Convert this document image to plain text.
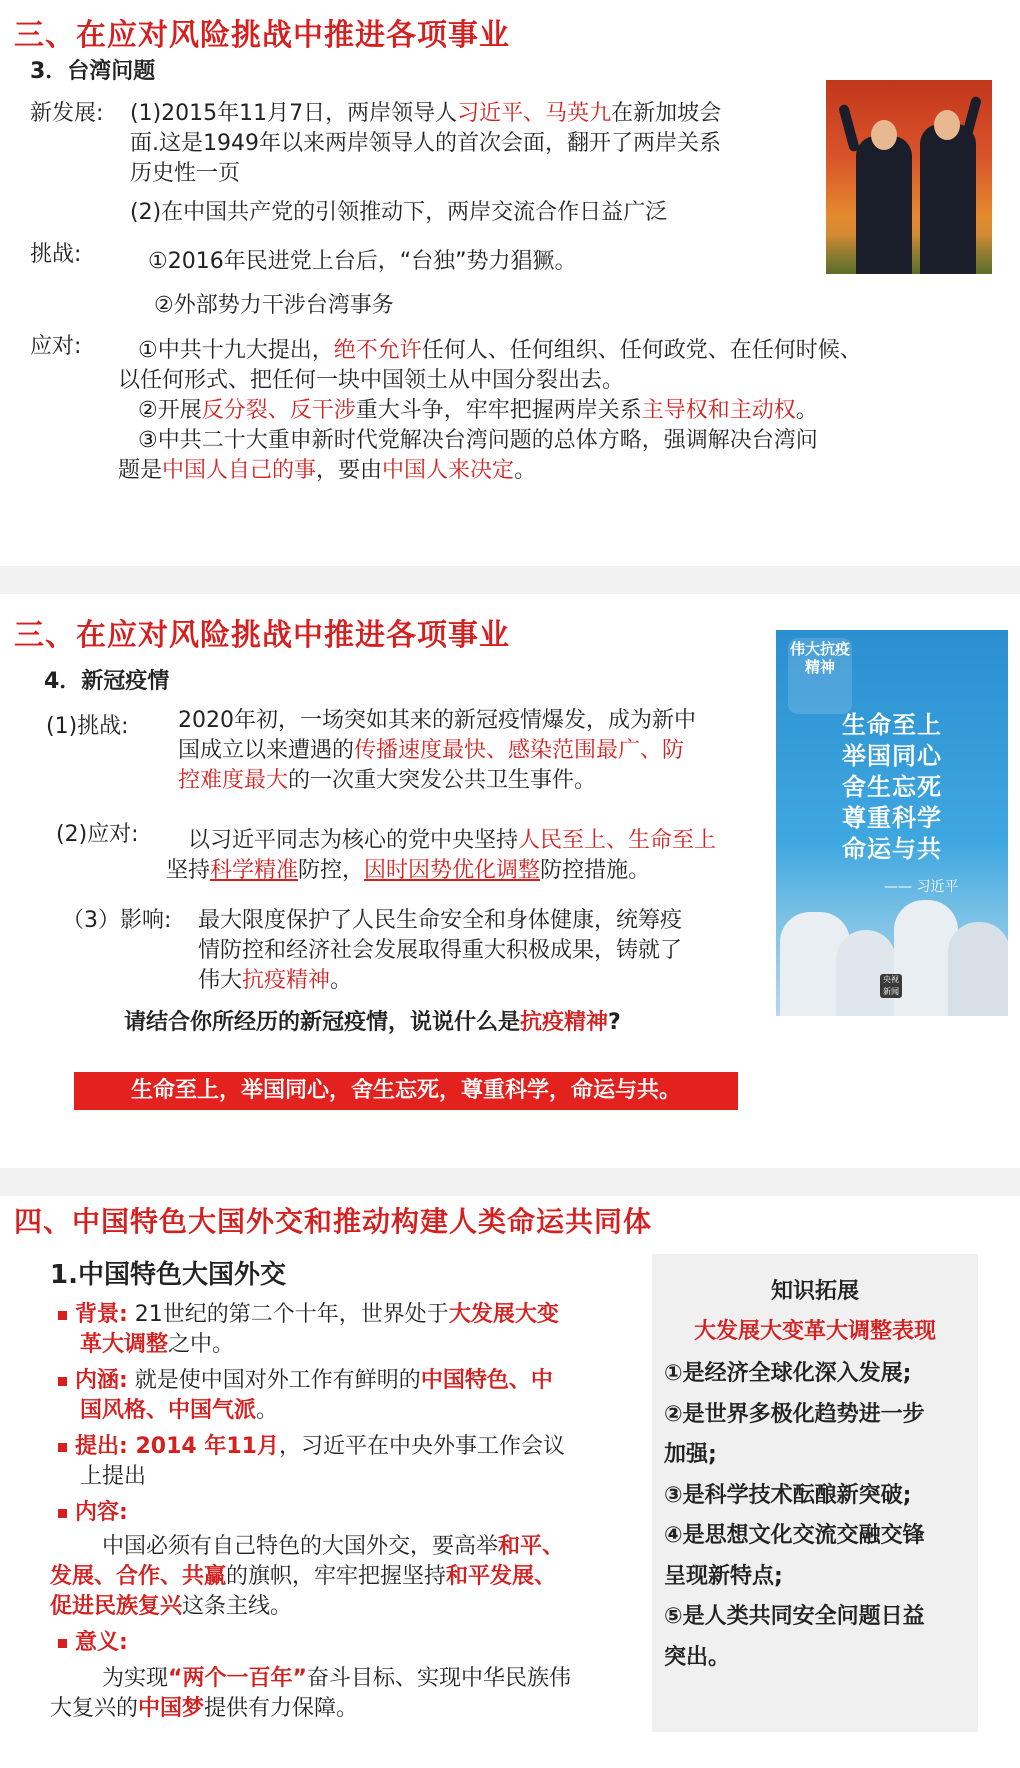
三、在应对风险挑战中推进各项事业
3．台湾问题
新发展: (1)2015年11月7日，两岸领导人习近平、马英九在新加坡会
面.这是1949年以来两岸领导人的首次会面，翻开了两岸关系
历史性一页
(2)在中国共产党的引领推动下，两岸交流合作日益广泛
挑战:	①2016年民进党上台后，“台独”势力猖獗。
②外部势力干涉台湾事务
应对:	①中共十九大提出，绝不允许任何人、任何组织、任何政党、在任何时候、
以任何形式、把任何一块中国领土从中国分裂出去。
②开展反分裂、反干涉重大斗争，牢牢把握两岸关系主导权和主动权。
③中共二十大重申新时代党解决台湾问题的总体方略，强调解决台湾问
题是中国人自己的事，要由中国人来决定。
三、在应对风险挑战中推进各项事业
4．新冠疫情
(1)挑战: 2020年初，一场突如其来的新冠疫情爆发，成为新中
国成立以来遭遇的传播速度最快、感染范围最广、防
控难度最大的一次重大突发公共卫生事件。
(2)应对: 以习近平同志为核心的党中央坚持人民至上、生命至上
坚持科学精准防控，因时因势优化调整防控措施。
（3）影响: 最大限度保护了人民生命安全和身体健康，统筹疫
情防控和经济社会发展取得重大积极成果，铸就了
伟大抗疫精神。
请结合你所经历的新冠疫情，说说什么是抗疫精神?
生命至上，举国同心，舍生忘死，尊重科学，命运与共。
伟大抗疫精神
生命至上
举国同心
舍生忘死
尊重科学
命运与共
—— 习近平
央视新闻
四、中国特色大国外交和推动构建人类命运共同体
1.中国特色大国外交
背景: 21世纪的第二个十年，世界处于大发展大变
革大调整之中。
内涵: 就是使中国对外工作有鲜明的中国特色、中
国风格、中国气派。
提出: 2014 年11月，习近平在中央外事工作会议
上提出
内容:
中国必须有自己特色的大国外交，要高举和平、
发展、合作、共赢的旗帜，牢牢把握坚持和平发展、
促进民族复兴这条主线。
意义:
为实现“两个一百年”奋斗目标、实现中华民族伟
大复兴的中国梦提供有力保障。
知识拓展
大发展大变革大调整表现
①是经济全球化深入发展;
②是世界多极化趋势进一步
加强;
③是科学技术酝酿新突破;
④是思想文化交流交融交锋
呈现新特点;
⑤是人类共同安全问题日益
突出。
